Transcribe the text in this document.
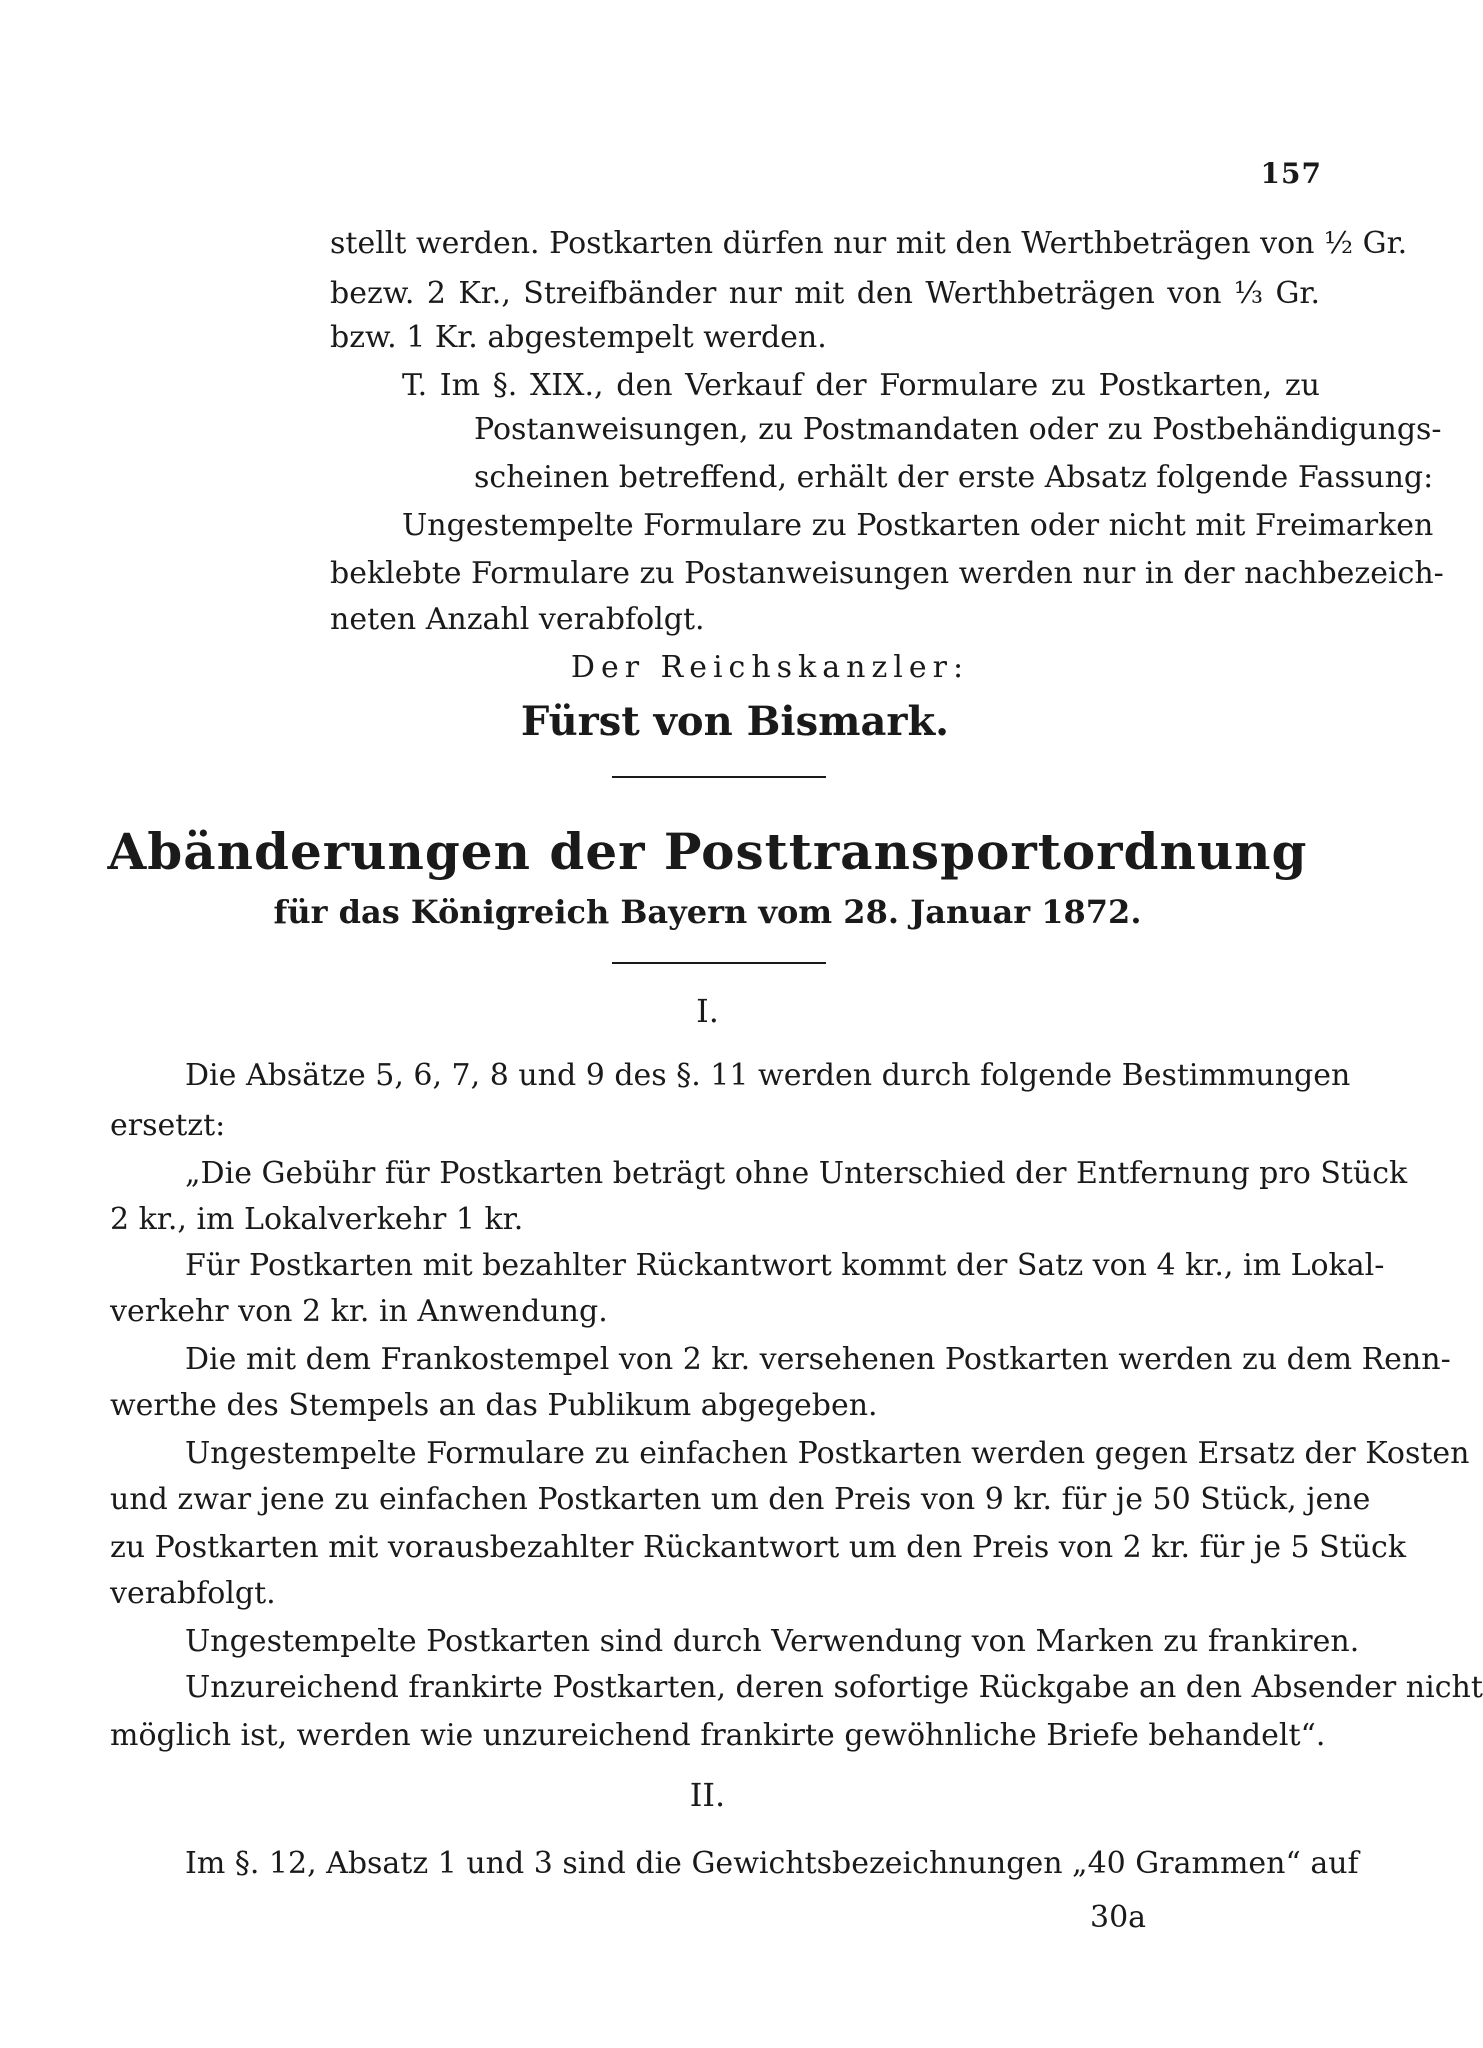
157
stellt werden. Postkarten dürfen nur mit den Werthbeträgen von ½ Gr.
bezw. 2 Kr., Streifbänder nur mit den Werthbeträgen von ⅓ Gr.
bzw. 1 Kr. abgestempelt werden.
T. Im §. XIX., den Verkauf der Formulare zu Postkarten, zu
Postanweisungen, zu Postmandaten oder zu Postbehändigungs-
scheinen betreffend, erhält der erste Absatz folgende Fassung:
Ungestempelte Formulare zu Postkarten oder nicht mit Freimarken
beklebte Formulare zu Postanweisungen werden nur in der nachbezeich-
neten Anzahl verabfolgt.
Der Reichskanzler:
Fürst von Bismark.
Abänderungen der Posttransportordnung
für das Königreich Bayern vom 28. Januar 1872.
I.
Die Absätze 5, 6, 7, 8 und 9 des §. 11 werden durch folgende Bestimmungen
ersetzt:
„Die Gebühr für Postkarten beträgt ohne Unterschied der Entfernung pro Stück
2 kr., im Lokalverkehr 1 kr.
Für Postkarten mit bezahlter Rückantwort kommt der Satz von 4 kr., im Lokal-
verkehr von 2 kr. in Anwendung.
Die mit dem Frankostempel von 2 kr. versehenen Postkarten werden zu dem Renn-
werthe des Stempels an das Publikum abgegeben.
Ungestempelte Formulare zu einfachen Postkarten werden gegen Ersatz der Kosten
und zwar jene zu einfachen Postkarten um den Preis von 9 kr. für je 50 Stück, jene
zu Postkarten mit vorausbezahlter Rückantwort um den Preis von 2 kr. für je 5 Stück
verabfolgt.
Ungestempelte Postkarten sind durch Verwendung von Marken zu frankiren.
Unzureichend frankirte Postkarten, deren sofortige Rückgabe an den Absender nicht
möglich ist, werden wie unzureichend frankirte gewöhnliche Briefe behandelt“.
II.
Im §. 12, Absatz 1 und 3 sind die Gewichtsbezeichnungen „40 Grammen“ auf
30a
